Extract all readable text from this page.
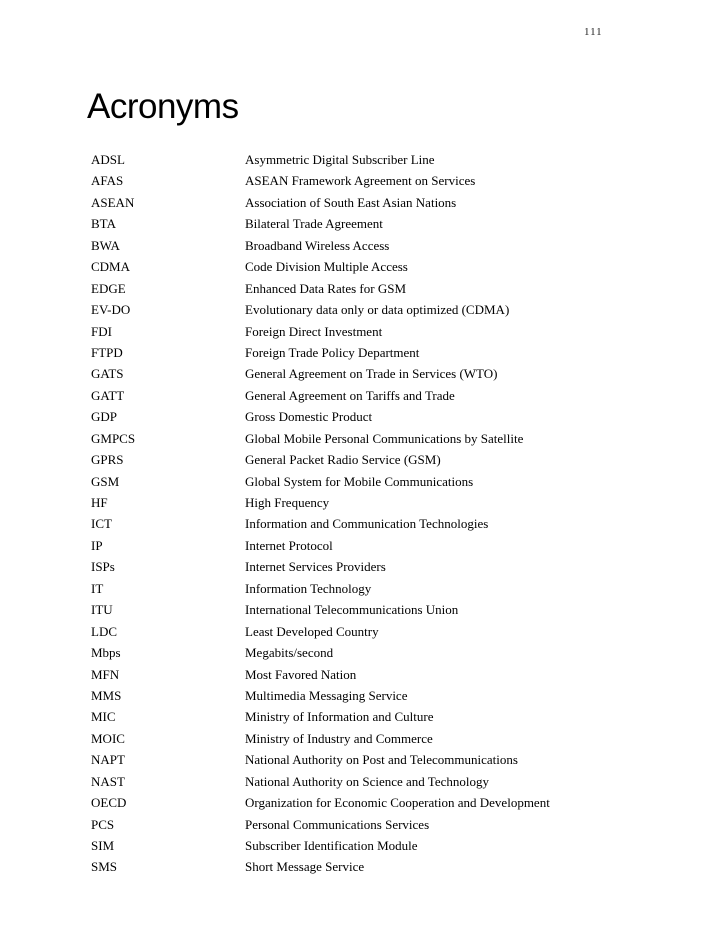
111
Acronyms
ADSL	Asymmetric Digital Subscriber Line
AFAS	ASEAN Framework Agreement on Services
ASEAN	Association of South East Asian Nations
BTA	Bilateral Trade Agreement
BWA	Broadband Wireless Access
CDMA	Code Division Multiple Access
EDGE	Enhanced Data Rates for GSM
EV-DO	Evolutionary data only or data optimized (CDMA)
FDI	Foreign Direct Investment
FTPD	Foreign Trade Policy Department
GATS	General Agreement on Trade in Services (WTO)
GATT	General Agreement on Tariffs and Trade
GDP	Gross Domestic Product
GMPCS	Global Mobile Personal Communications by Satellite
GPRS	General Packet Radio Service (GSM)
GSM	Global System for Mobile Communications
HF	High Frequency
ICT	Information and Communication Technologies
IP	Internet Protocol
ISPs	Internet Services Providers
IT	Information Technology
ITU	International Telecommunications Union
LDC	Least Developed Country
Mbps	Megabits/second
MFN	Most Favored Nation
MMS	Multimedia Messaging Service
MIC	Ministry of Information and Culture
MOIC	Ministry of Industry and Commerce
NAPT	National Authority on Post and Telecommunications
NAST	National Authority on Science and Technology
OECD	Organization for Economic Cooperation and Development
PCS	Personal Communications Services
SIM	Subscriber Identification Module
SMS	Short Message Service
